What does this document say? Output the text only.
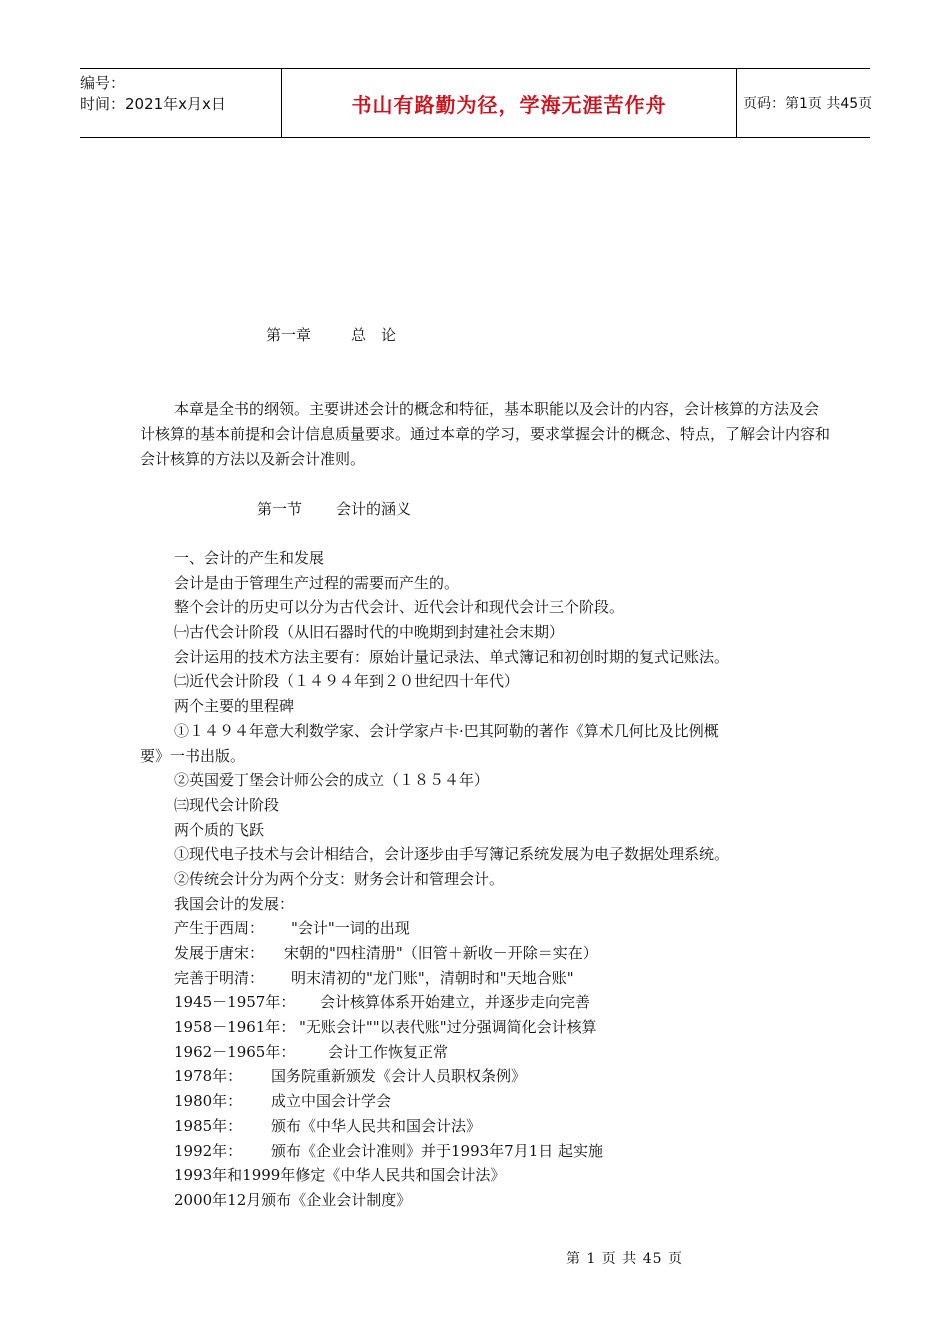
编号：
时间：2021年x月x日	书山有路勤为径，学海无涯苦作舟	页码：第1页 共45页
第一章	总　论
本章是全书的纲领。主要讲述会计的概念和特征，基本职能以及会计的内容，会计核算的方法及会计核算的基本前提和会计信息质量要求。通过本章的学习，要求掌握会计的概念、特点，了解会计内容和会计核算的方法以及新会计准则。
第一节 会计的涵义
一、会计的产生和发展
会计是由于管理生产过程的需要而产生的。
整个会计的历史可以分为古代会计、近代会计和现代会计三个阶段。
㈠古代会计阶段（从旧石器时代的中晚期到封建社会末期）
会计运用的技术方法主要有：原始计量记录法、单式簿记和初创时期的复式记账法。
㈡近代会计阶段（１４９４年到２０世纪四十年代）
两个主要的里程碑
①１４９４年意大利数学家、会计学家卢卡·巴其阿勒的著作《算术几何比及比例概
要》一书出版。
②英国爱丁堡会计师公会的成立（１８５４年）
㈢现代会计阶段
两个质的飞跃
①现代电子技术与会计相结合，会计逐步由手写簿记系统发展为电子数据处理系统。
②传统会计分为两个分支：财务会计和管理会计。
我国会计的发展：
产生于西周： "会计"一词的出现
发展于唐宋： 宋朝的"四柱清册"（旧管＋新收－开除＝实在）
完善于明清： 明末清初的"龙门账"，清朝时和"天地合账"
1945－1957年： 会计核算体系开始建立，并逐步走向完善
1958－1961年： "无账会计""以表代账"过分强调简化会计核算
1962－1965年： 会计工作恢复正常
1978年： 国务院重新颁发《会计人员职权条例》
1980年： 成立中国会计学会
1985年： 颁布《中华人民共和国会计法》
1992年： 颁布《企业会计准则》并于1993年7月1日 起实施
1993年和1999年修定《中华人民共和国会计法》
2000年12月颁布《企业会计制度》
第 1 页 共 45 页
